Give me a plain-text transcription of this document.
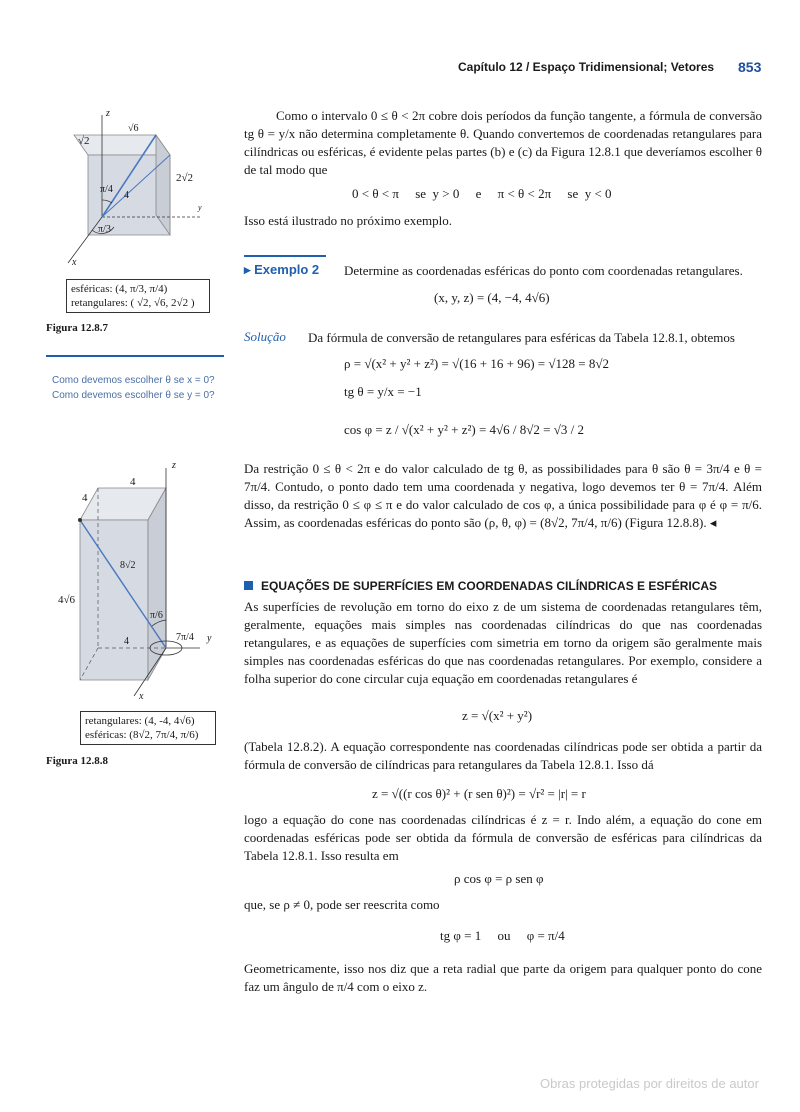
Capítulo 12 / Espaço Tridimensional; Vetores 853
z
√6
√2
2√2
π/4
4
y
π/3
x
esféricas: (4, π/3, π/4)
retangulares: ( √2, √6, 2√2 )
Figura 12.8.7
Como devemos escolher θ se x = 0?
Como devemos escolher θ se y = 0?
z
4
4
8√2
4√6
π/6
4	7π/4 y
x
retangulares: (4, -4, 4√6)
esféricas: (8√2, 7π/4, π/6)
Figura 12.8.8
Como o intervalo 0 ≤ θ < 2π cobre dois períodos da função tangente, a fórmula de conversão tg θ = y/x não determina completamente θ. Quando convertemos de coordenadas retangulares para cilíndricas ou esféricas, é evidente pelas partes (b) e (c) da Figura 12.8.1 que deveríamos escolher θ de tal modo que
0 < θ < π     se  y > 0     e     π < θ < 2π     se  y < 0
Isso está ilustrado no próximo exemplo.
▸ Exemplo 2 Determine as coordenadas esféricas do ponto com coordenadas retangulares.
(x, y, z) = (4, −4, 4√6)
Solução Da fórmula de conversão de retangulares para esféricas da Tabela 12.8.1, obtemos
ρ = √(x² + y² + z²) = √(16 + 16 + 96) = √128 = 8√2
tg θ = y/x = −1
cos φ = z / √(x² + y² + z²) = 4√6 / 8√2 = √3 / 2
Da restrição 0 ≤ θ < 2π e do valor calculado de tg θ, as possibilidades para θ são θ = 3π/4 e θ = 7π/4. Contudo, o ponto dado tem uma coordenada y negativa, logo devemos ter θ = 7π/4. Além disso, da restrição 0 ≤ φ ≤ π e do valor calculado de cos φ, a única possibilidade para φ é φ = π/6. Assim, as coordenadas esféricas do ponto são (ρ, θ, φ) = (8√2, 7π/4, π/6) (Figura 12.8.8). ◂
EQUAÇÕES DE SUPERFÍCIES EM COORDENADAS CILÍNDRICAS E ESFÉRICAS
As superfícies de revolução em torno do eixo z de um sistema de coordenadas retangulares têm, geralmente, equações mais simples nas coordenadas cilíndricas do que nas coordenadas retangulares, e as equações de superfícies com simetria em torno da origem são geralmente mais simples nas coordenadas esféricas do que nas coordenadas retangulares. Por exemplo, considere a folha superior do cone circular cuja equação em coordenadas retangulares é
z = √(x² + y²)
(Tabela 12.8.2). A equação correspondente nas coordenadas cilíndricas pode ser obtida a partir da fórmula de conversão de cilíndricas para retangulares da Tabela 12.8.1. Isso dá
z = √((r cos θ)² + (r sen θ)²) = √r² = |r| = r
logo a equação do cone nas coordenadas cilíndricas é z = r. Indo além, a equação do cone em coordenadas esféricas pode ser obtida da fórmula de conversão de esféricas para cilíndricas da Tabela 12.8.1. Isso resulta em
ρ cos φ = ρ sen φ
que, se ρ ≠ 0, pode ser reescrita como
tg φ = 1     ou     φ = π/4
Geometricamente, isso nos diz que a reta radial que parte da origem para qualquer ponto do cone faz um ângulo de π/4 com o eixo z.
Obras protegidas por direitos de autor
